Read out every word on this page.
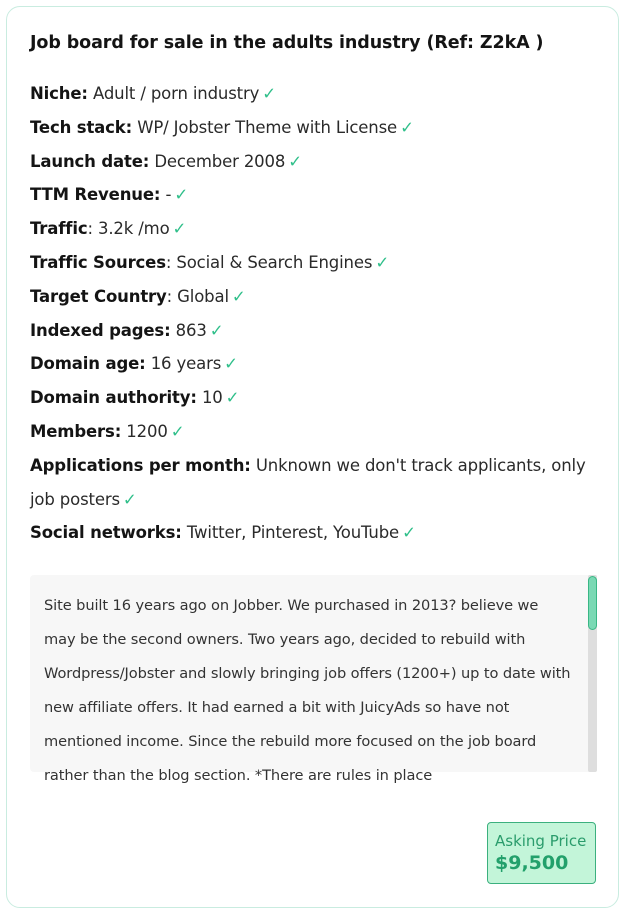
Job board for sale in the adults industry (Ref: Z2kA )
Niche: Adult / porn industry ✓
Tech stack: WP/ Jobster Theme with License ✓
Launch date: December 2008 ✓
TTM Revenue: - ✓
Traffic: 3.2k /mo ✓
Traffic Sources: Social & Search Engines ✓
Target Country: Global ✓
Indexed pages: 863 ✓
Domain age: 16 years ✓
Domain authority: 10 ✓
Members: 1200 ✓
Applications per month: Unknown we don't track applicants, only job posters ✓
Social networks: Twitter, Pinterest, YouTube ✓
Site built 16 years ago on Jobber. We purchased in 2013? believe we may be the second owners. Two years ago, decided to rebuild with Wordpress/Jobster and slowly bringing job offers (1200+) up to date with new affiliate offers. It had earned a bit with JuicyAds so have not mentioned income. Since the rebuild more focused on the job board rather than the blog section. *There are rules in place
Asking Price
$9,500
